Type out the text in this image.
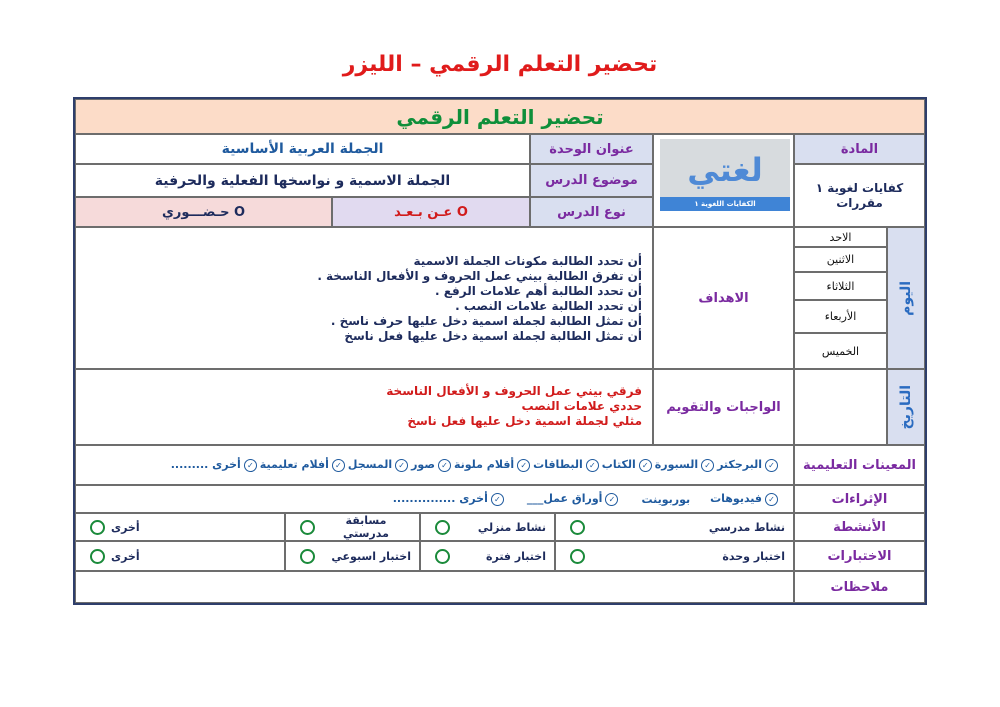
تحضير التعلم الرقمي – الليزر
تحضير التعلم الرقمي
المادة
كفايات لغوية ١ مقررات
لغتي
الكفايات اللغوية ١
عنوان الوحدة
الجملة العربية الأساسية
موضوع الدرس
الجملة الاسمية و نواسخها الفعلية والحرفية
نوع الدرس
عـن بـعـد O
حـضـــوري O
اليوم
الاحد
الاثنين
الثلاثاء
الأربعاء
الخميس
الاهداف
أن تحدد الطالبة مكونات الجملة الاسمية
أن تفرق الطالبة بيني عمل الحروف و الأفعال الناسخة .
أن تحدد الطالبة أهم علامات الرفع .
أن تحدد الطالبة علامات النصب .
أن تمثل الطالبة لجملة اسمية دخل عليها حرف ناسخ .
أن تمثل الطالبة لجملة اسمية دخل عليها فعل ناسخ
التاريخ
الواجبات والتقويم
فرقي بيني عمل الحروف و الأفعال الناسخة
حددي علامات النصب
مثلي لجملة اسمية دخل عليها فعل ناسخ
المعينات التعليمية
✓البرجكتر
✓السبورة
✓الكتاب
✓البطاقات
✓أقلام ملونة
✓صور
✓المسجل
✓أفلام تعليمية
✓أخرى .........
الإثراءات
✓فيديوهات
بوربوينت
✓أوراق عمل___
✓أخرى ...............
الأنشطة
نشاط مدرسي
نشاط منزلي
مسابقة مدرستي
أخرى
الاختبارات
اختبار وحدة
اختبار فترة
اختبار اسبوعي
أخرى
ملاحظات
